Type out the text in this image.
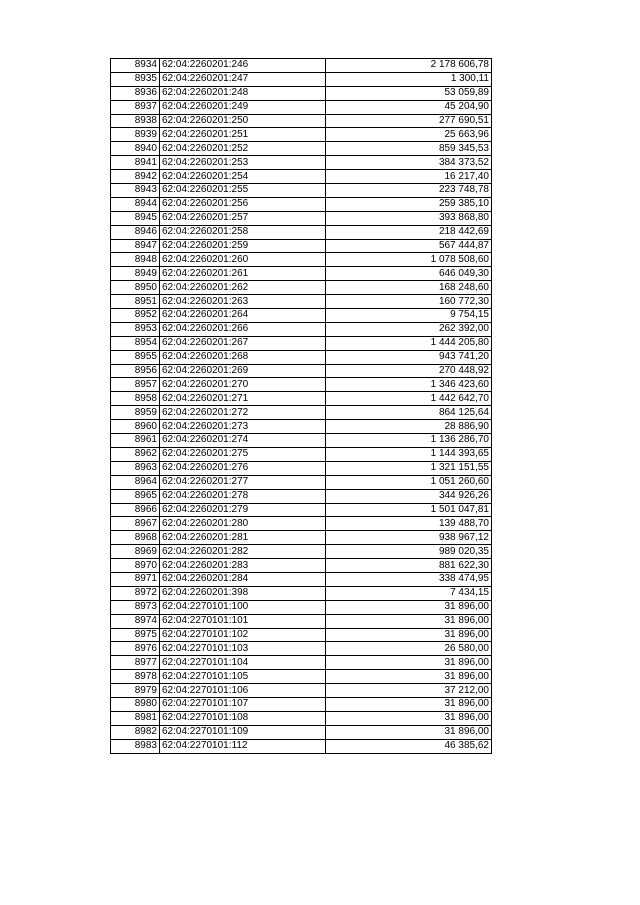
8934	62:04:2260201:246	2 178 606,78
8935	62:04:2260201:247	1 300,11
8936	62:04:2260201:248	53 059,89
8937	62:04:2260201:249	45 204,90
8938	62:04:2260201:250	277 690,51
8939	62:04:2260201:251	25 663,96
8940	62:04:2260201:252	859 345,53
8941	62:04:2260201:253	384 373,52
8942	62:04:2260201:254	16 217,40
8943	62:04:2260201:255	223 748,78
8944	62:04:2260201:256	259 385,10
8945	62:04:2260201:257	393 868,80
8946	62:04:2260201:258	218 442,69
8947	62:04:2260201:259	567 444,87
8948	62:04:2260201:260	1 078 508,60
8949	62:04:2260201:261	646 049,30
8950	62:04:2260201:262	168 248,60
8951	62:04:2260201:263	160 772,30
8952	62:04:2260201:264	9 754,15
8953	62:04:2260201:266	262 392,00
8954	62:04:2260201:267	1 444 205,80
8955	62:04:2260201:268	943 741,20
8956	62:04:2260201:269	270 448,92
8957	62:04:2260201:270	1 346 423,60
8958	62:04:2260201:271	1 442 642,70
8959	62:04:2260201:272	864 125,64
8960	62:04:2260201:273	28 886,90
8961	62:04:2260201:274	1 136 286,70
8962	62:04:2260201:275	1 144 393,65
8963	62:04:2260201:276	1 321 151,55
8964	62:04:2260201:277	1 051 260,60
8965	62:04:2260201:278	344 926,26
8966	62:04:2260201:279	1 501 047,81
8967	62:04:2260201:280	139 488,70
8968	62:04:2260201:281	938 967,12
8969	62:04:2260201:282	989 020,35
8970	62:04:2260201:283	881 622,30
8971	62:04:2260201:284	338 474,95
8972	62:04:2260201:398	7 434,15
8973	62:04:2270101:100	31 896,00
8974	62:04:2270101:101	31 896,00
8975	62:04:2270101:102	31 896,00
8976	62:04:2270101:103	26 580,00
8977	62:04:2270101:104	31 896,00
8978	62:04:2270101:105	31 896,00
8979	62:04:2270101:106	37 212,00
8980	62:04:2270101:107	31 896,00
8981	62:04:2270101:108	31 896,00
8982	62:04:2270101:109	31 896,00
8983	62:04:2270101:112	46 385,62
